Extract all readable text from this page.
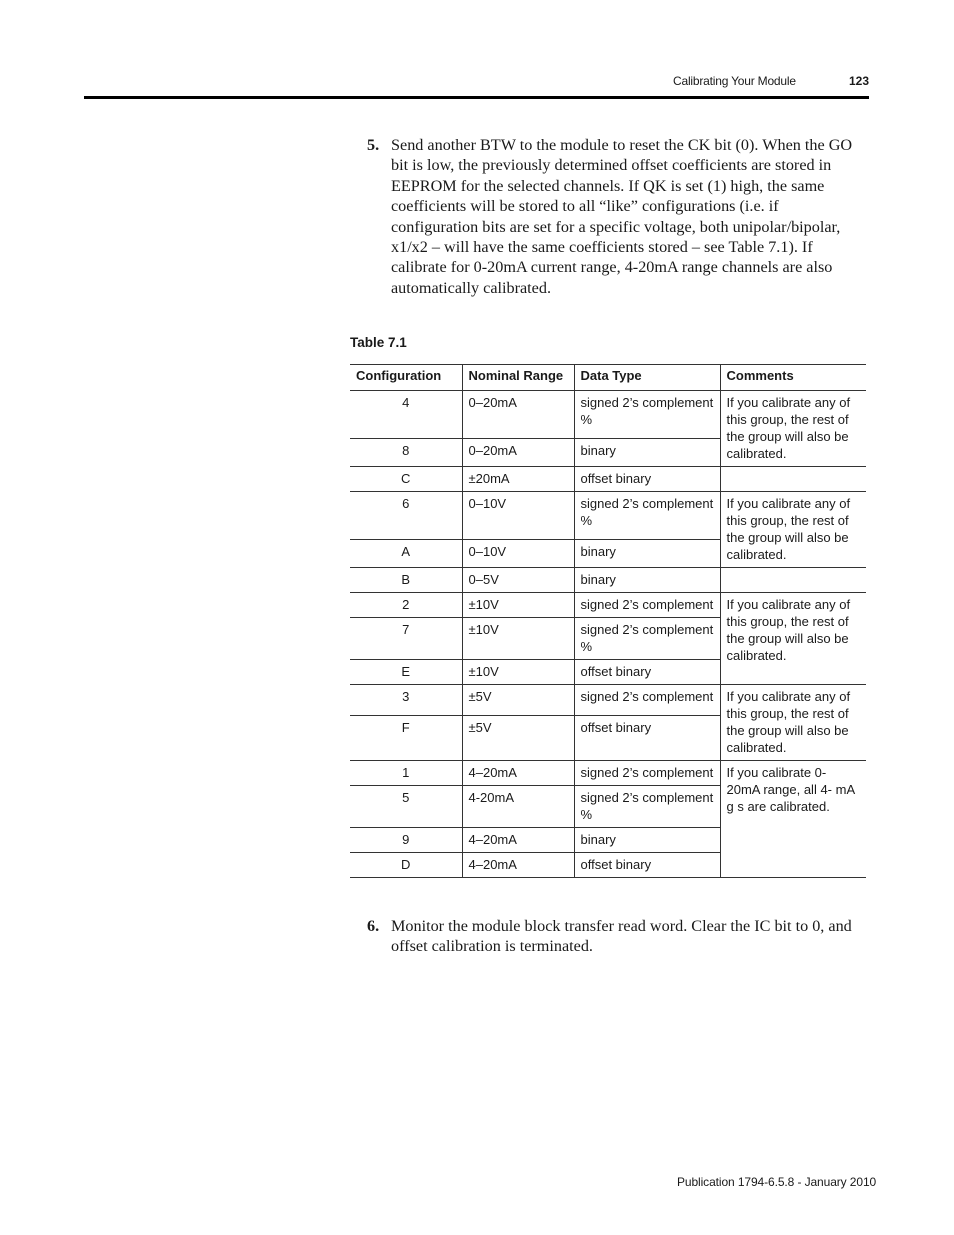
Calibrating Your Module	123
5. Send another BTW to the module to reset the CK bit (0). When the GO bit is low, the previously determined offset coefficients are stored in EEPROM for the selected channels. If QK is set (1) high, the same coefficients will be stored to all “like” configurations (i.e. if configuration bits are set for a specific voltage, both unipolar/bipolar, x1/x2 – will have the same coefficients stored – see Table 7.1). If calibrate for 0-20mA current range, 4-20mA range channels are also automatically calibrated.
Table 7.1
Configuration	Nominal Range	Data Type	Comments
4	0–20mA	signed 2’s complement %	If you calibrate any of this group, the rest of the group will also be calibrated.
8	0–20mA	binary	
C	±20mA	offset binary	
6	0–10V	signed 2’s complement %	If you calibrate any of this group, the rest of the group will also be calibrated.
A	0–10V	binary	
B	0–5V	binary	
2	±10V	signed 2’s complement	If you calibrate any of this group, the rest of the group will also be calibrated.
7	±10V	signed 2’s complement %	
E	±10V	offset binary	
3	±5V	signed 2’s complement	If you calibrate any of this group, the rest of the group will also be calibrated.
F	±5V	offset binary	
1	4–20mA	signed 2’s complement	If you calibrate 0-20mA range, all 4- mA g s are calibrated.
5	4-20mA	signed 2’s complement %	
9	4–20mA	binary	
D	4–20mA	offset binary	
6. Monitor the module block transfer read word. Clear the IC bit to 0, and offset calibration is terminated.
Publication 1794-6.5.8 - January 2010
